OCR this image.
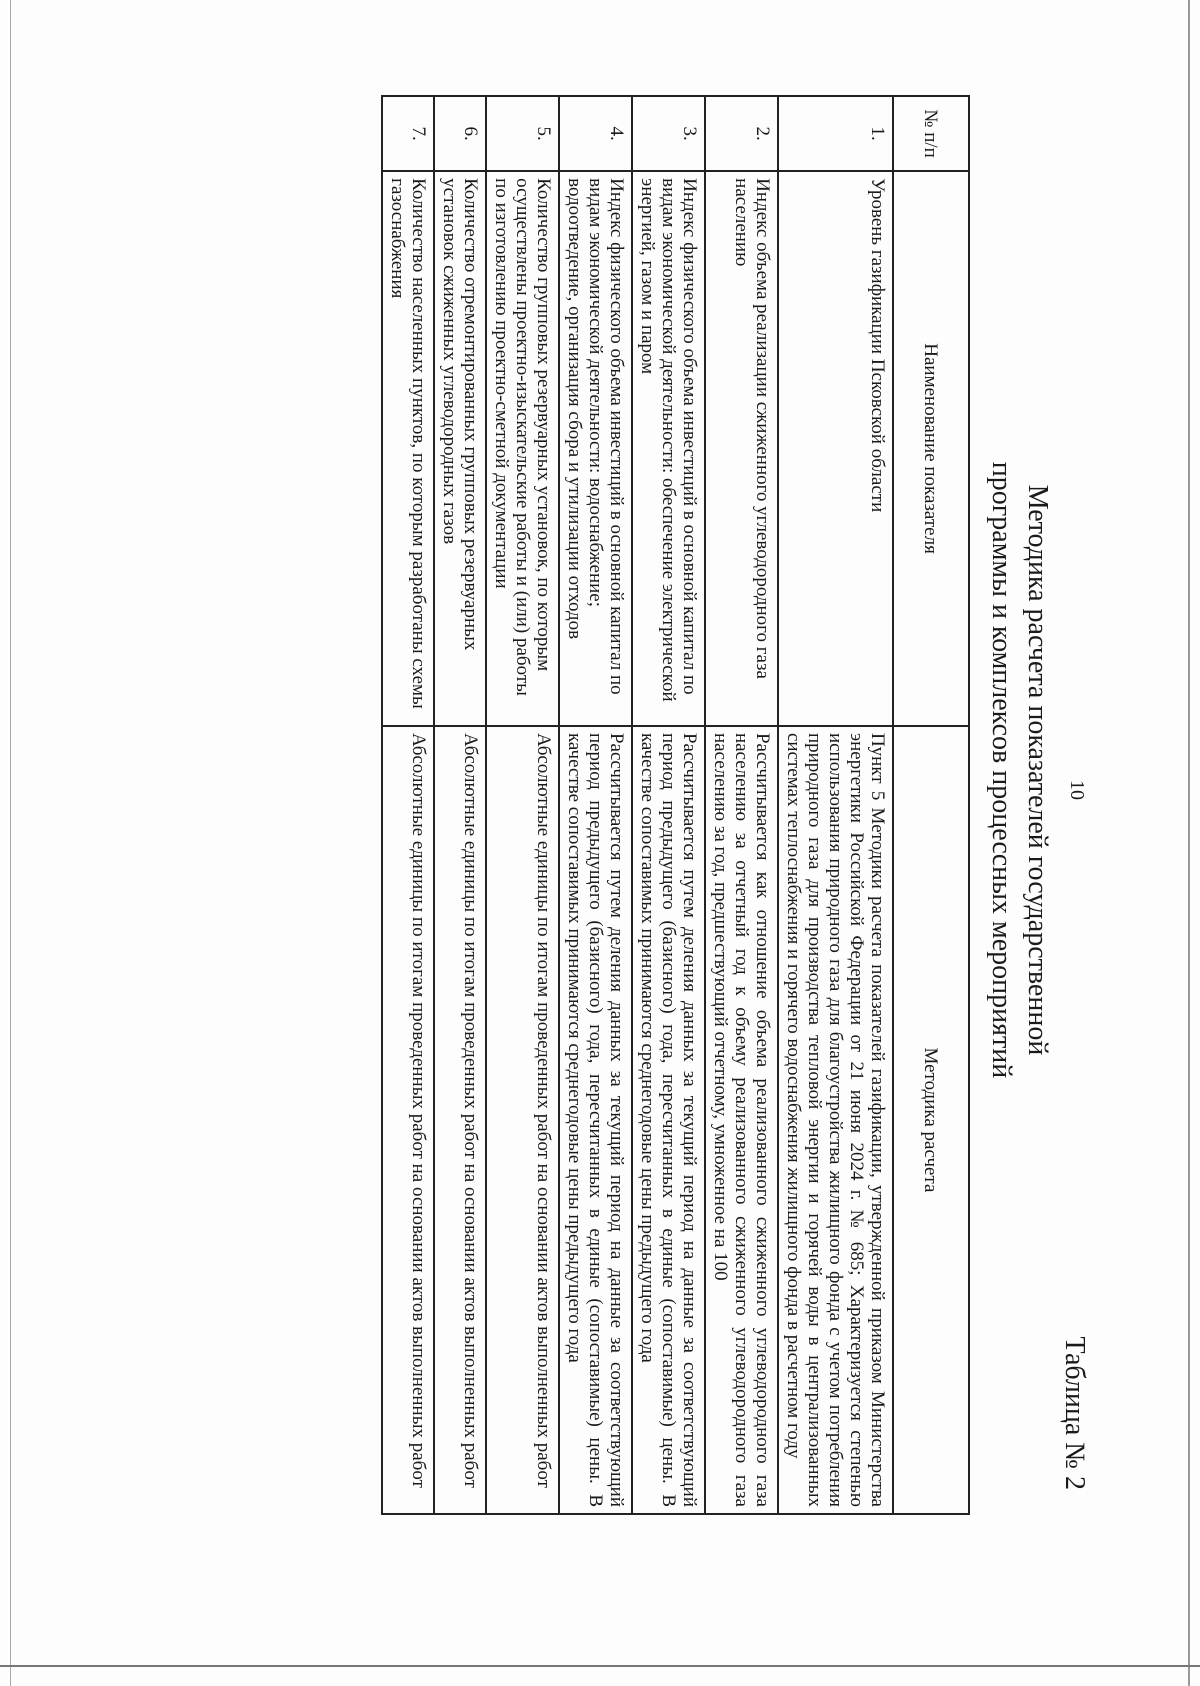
10
Таблица № 2
Методика расчета показателей государственной
программы и комплексов процессных мероприятий
№ п/п	Наименование показателя	Методика расчета
1.	Уровень газификации Псковской области	Пункт 5 Методики расчета показателей газификации, утвержденной приказом Министерства энергетики Российской Федерации от 21 июня 2024 г. № 685; Характеризуется степенью использования природного газа для благоустройства жилищного фонда с учетом потребления природного газа для производства тепловой энергии и горячей воды в централизованных системах теплоснабжения и горячего водоснабжения жилищного фонда в расчетном году
2.	Индекс объема реализации сжиженного углеводородного газа населению	Рассчитывается как отношение объема реализованного сжиженного углеводородного газа населению за отчетный год к объему реализованного сжиженного углеводородного газа населению за год, предшествующий отчетному, умноженное на 100
3.	Индекс физического объема инвестиций в основной капитал по видам экономической деятельности: обеспечение электрической энергией, газом и паром	Рассчитывается путем деления данных за текущий период на данные за соответствующий период предыдущего (базисного) года, пересчитанных в единые (сопоставимые) цены. В качестве сопоставимых принимаются среднегодовые цены предыдущего года
4.	Индекс физического объема инвестиций в основной капитал по видам экономической деятельности: водоснабжение; водоотведение, организация сбора и утилизации отходов	Рассчитывается путем деления данных за текущий период на данные за соответствующий период предыдущего (базисного) года, пересчитанных в единые (сопоставимые) цены. В качестве сопоставимых принимаются среднегодовые цены предыдущего года
5.	Количество групповых резервуарных установок, по которым осуществлены проектно-изыскательские работы и (или) работы по изготовлению проектно-сметной документации	Абсолютные единицы по итогам проведенных работ на основании актов выполненных работ
6.	Количество отремонтированных групповых резервуарных установок сжиженных углеводородных газов	Абсолютные единицы по итогам проведенных работ на основании актов выполненных работ
7.	Количество населенных пунктов, по которым разработаны схемы газоснабжения	Абсолютные единицы по итогам проведенных работ на основании актов выполненных работ
